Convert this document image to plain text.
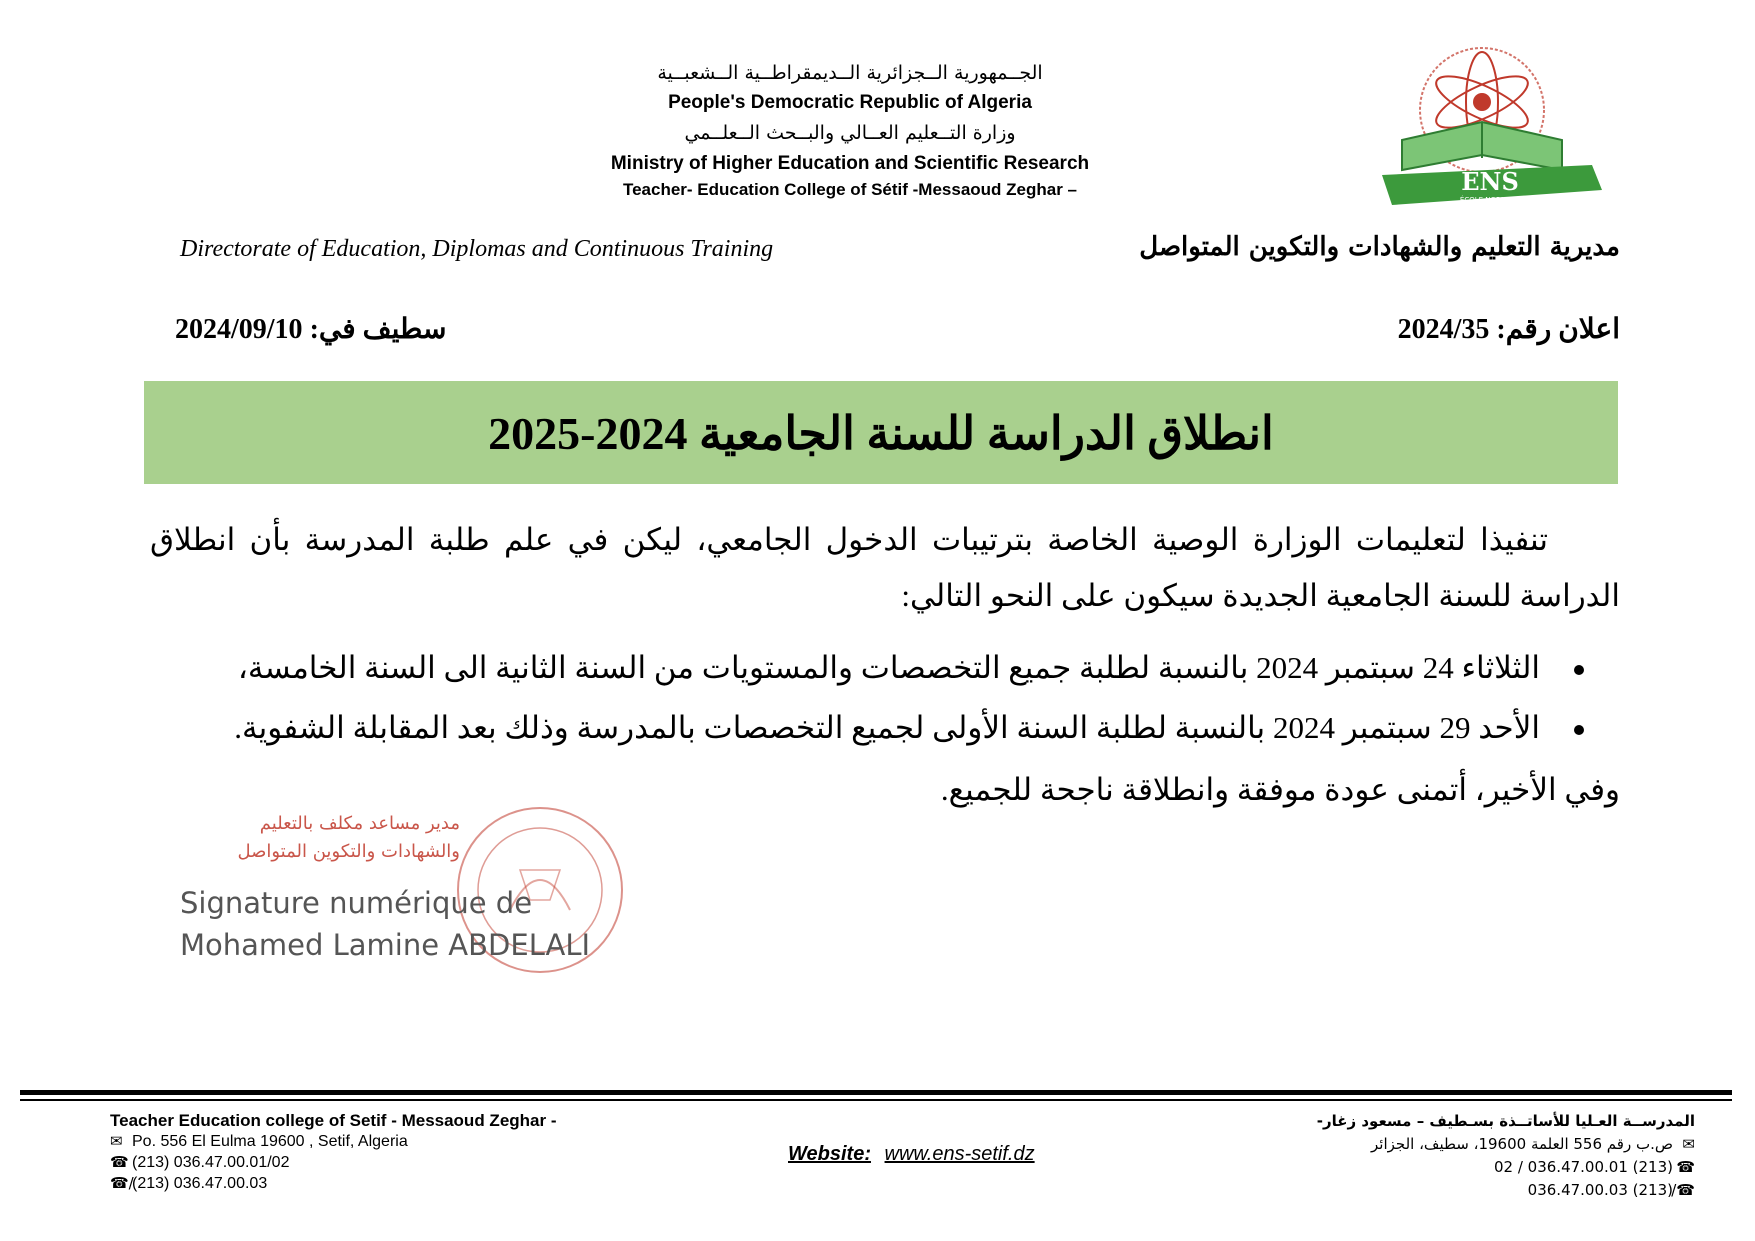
الجــمهورية الــجزائرية الــديمقراطــية الــشعبــية
People's Democratic Republic of Algeria
وزارة التــعليم العــالي والبــحث الــعلــمي
Ministry of Higher Education and Scientific Research
Teacher- Education College of Sétif -Messaoud Zeghar –	ENS
ÉCOLE NORMALE
SUPÉRIEURE - SETIF
Directorate of Education, Diplomas and Continuous Training	مديرية التعليم والشهادات والتكوين المتواصل
سطيف في: 2024/09/10	اعلان رقم: 2024/35
انطلاق الدراسة للسنة الجامعية 2024-2025
تنفيذا لتعليمات الوزارة الوصية الخاصة بترتيبات الدخول الجامعي، ليكن في علم طلبة المدرسة بأن انطلاق الدراسة للسنة الجامعية الجديدة سيكون على النحو التالي:
الثلاثاء 24 سبتمبر 2024 بالنسبة لطلبة جميع التخصصات والمستويات من السنة الثانية الى السنة الخامسة،
الأحد 29 سبتمبر 2024 بالنسبة لطلبة السنة الأولى لجميع التخصصات بالمدرسة وذلك بعد المقابلة الشفوية.
وفي الأخير، أتمنى عودة موفقة وانطلاقة ناجحة للجميع.
مدير مساعد مكلف بالتعليم
والشهادات والتكوين المتواصل
Signature numérique de
Mohamed Lamine ABDELALI
Teacher Education college of Setif - Messaoud Zeghar -
✉ Po. 556 El Eulma 19600 , Setif, Algeria
☎ (213) 036.47.00.01/02
☎/(213) 036.47.00.03
Website: www.ens-setif.dz
المدرســة العـليا للأساتــذة بسـطيف – مسعود زغار-
✉ص.ب رقم 556 العلمة 19600، سطيف، الجزائر
☎(213) 036.47.00.01 / 02
☎/(213) 036.47.00.03
